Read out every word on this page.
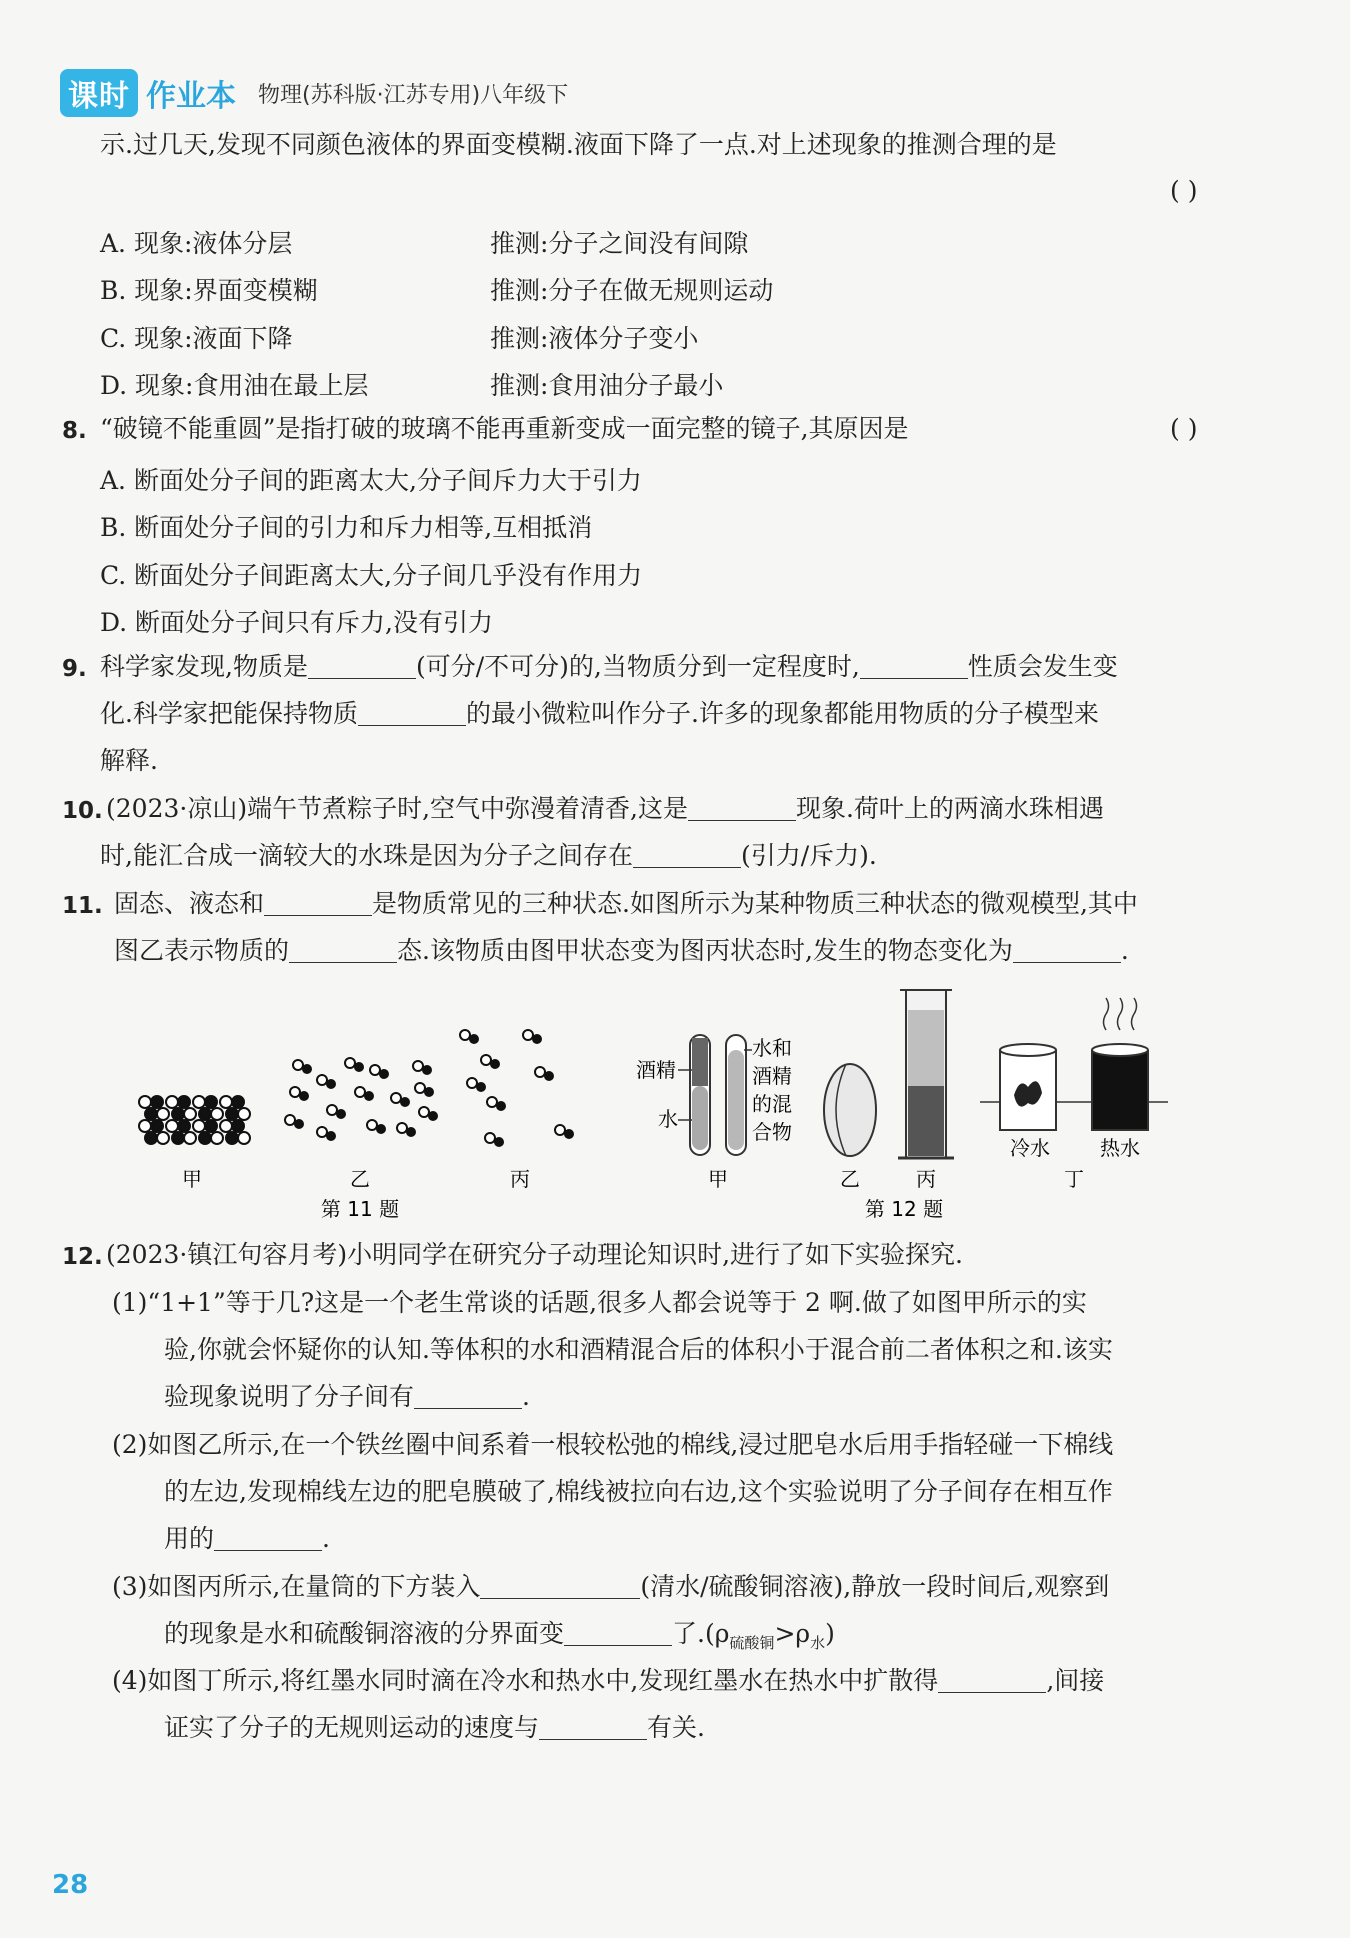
课时 作业本 物理(苏科版·江苏专用)八年级下
示.过几天,发现不同颜色液体的界面变模糊.液面下降了一点.对上述现象的推测合理的是
( )
A. 现象:液体分层	推测:分子之间没有间隙
B. 现象:界面变模糊	推测:分子在做无规则运动
C. 现象:液面下降	推测:液体分子变小
D. 现象:食用油在最上层	推测:食用油分子最小
8. “破镜不能重圆”是指打破的玻璃不能再重新变成一面完整的镜子,其原因是	( )
A. 断面处分子间的距离太大,分子间斥力大于引力
B. 断面处分子间的引力和斥力相等,互相抵消
C. 断面处分子间距离太大,分子间几乎没有作用力
D. 断面处分子间只有斥力,没有引力
9. 科学家发现,物质是	(可分/不可分)的,当物质分到一定程度时,	性质会发生变
化.科学家把能保持物质	的最小微粒叫作分子.许多的现象都能用物质的分子模型来
解释.
10. (2023·凉山)端午节煮粽子时,空气中弥漫着清香,这是	现象.荷叶上的两滴水珠相遇
时,能汇合成一滴较大的水珠是因为分子之间存在	(引力/斥力).
11. 固态、液态和	是物质常见的三种状态.如图所示为某种物质三种状态的微观模型,其中
图乙表示物质的	态.该物质由图甲状态变为图丙状态时,发生的物态变化为	.
甲	乙	丙
第 11 题
酒精
水
水和
酒精
的混
合物
冷水	热水
甲	乙	丙	丁
第 12 题
12. (2023·镇江句容月考)小明同学在研究分子动理论知识时,进行了如下实验探究.
(1)“1+1”等于几?这是一个老生常谈的话题,很多人都会说等于 2 啊.做了如图甲所示的实
验,你就会怀疑你的认知.等体积的水和酒精混合后的体积小于混合前二者体积之和.该实
验现象说明了分子间有	.
(2)如图乙所示,在一个铁丝圈中间系着一根较松弛的棉线,浸过肥皂水后用手指轻碰一下棉线
的左边,发现棉线左边的肥皂膜破了,棉线被拉向右边,这个实验说明了分子间存在相互作
用的	.
(3)如图丙所示,在量筒的下方装入	(清水/硫酸铜溶液),静放一段时间后,观察到
的现象是水和硫酸铜溶液的分界面变	了$.(\rho_{硫酸铜}>\rho_水)$
(4)如图丁所示,将红墨水同时滴在冷水和热水中,发现红墨水在热水中扩散得	,间接
证实了分子的无规则运动的速度与	有关.
28
